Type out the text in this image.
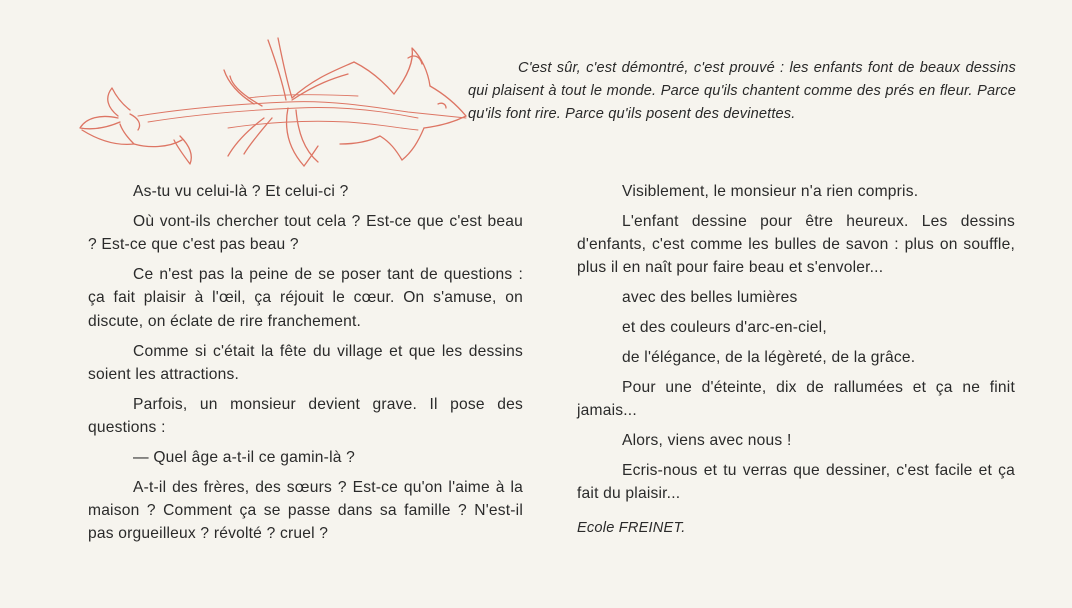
C'est sûr, c'est démontré, c'est prouvé : les enfants font de beaux dessins qui plaisent à tout le monde. Parce qu'ils chantent comme des prés en fleur. Parce qu'ils font rire. Parce qu'ils posent des devinettes.

As-tu vu celui-là ? Et celui-ci ?

Où vont-ils chercher tout cela ? Est-ce que c'est beau ? Est-ce que c'est pas beau ?

Ce n'est pas la peine de se poser tant de questions : ça fait plaisir à l'œil, ça réjouit le cœur. On s'amuse, on discute, on éclate de rire franchement.

Comme si c'était la fête du village et que les dessins soient les attractions.

Parfois, un monsieur devient grave. Il pose des questions :

— Quel âge a-t-il ce gamin-là ?

A-t-il des frères, des sœurs ? Est-ce qu'on l'aime à la maison ? Comment ça se passe dans sa famille ? N'est-il pas orgueilleux ? révolté ? cruel ?

Visiblement, le monsieur n'a rien compris.

L'enfant dessine pour être heureux. Les dessins d'enfants, c'est comme les bulles de savon : plus on souffle, plus il en naît pour faire beau et s'envoler...

avec des belles lumières

et des couleurs d'arc-en-ciel,

de l'élégance, de la légèreté, de la grâce.

Pour une d'éteinte, dix de rallumées et ça ne finit jamais...

Alors, viens avec nous !

Ecris-nous et tu verras que dessiner, c'est facile et ça fait du plaisir...

Ecole FREINET.
